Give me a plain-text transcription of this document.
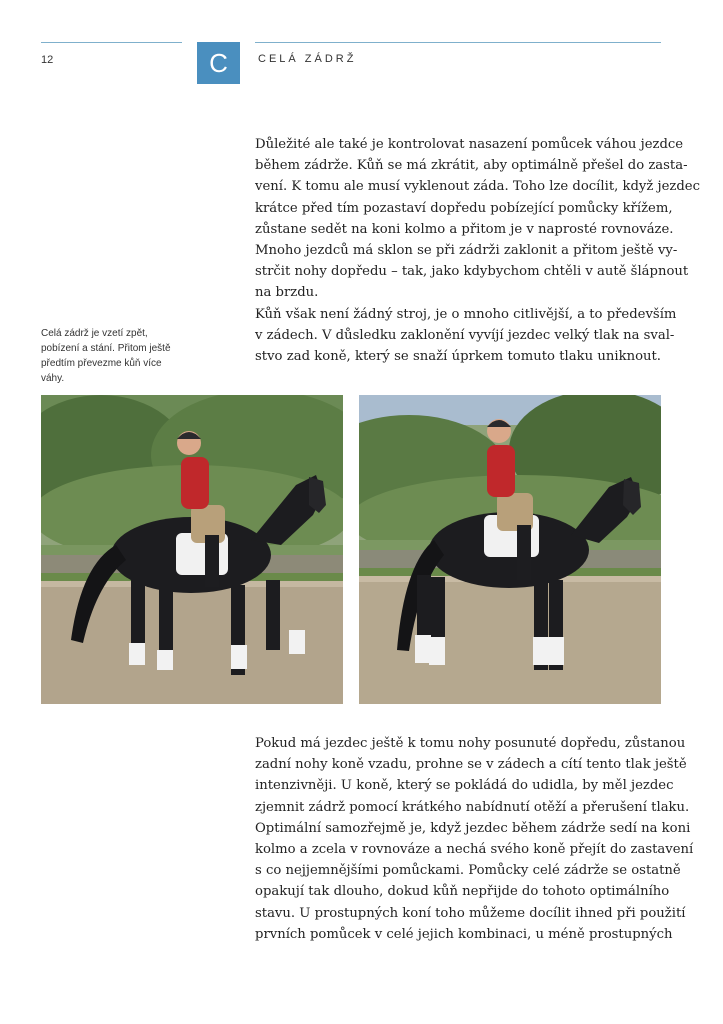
12	C	CELÁ ZÁDRŽ
Důležité ale také je kontrolovat nasazení pomůcek váhou jezdce
během zádrže. Kůň se má zkrátit, aby optimálně přešel do zasta-
vení. K tomu ale musí vyklenout záda. Toho lze docílit, když jezdec
krátce před tím pozastaví dopředu pobízející pomůcky křížem,
zůstane sedět na koni kolmo a přitom je v naprosté rovnováze.
Mnoho jezdců má sklon se při zádrži zaklonit a přitom ještě vy-
strčit nohy dopředu – tak, jako kdybychom chtěli v autě šlápnout
na brzdu.
Kůň však není žádný stroj, je o mnoho citlivější, a to především
v zádech. V důsledku zaklonění vyvíjí jezdec velký tlak na sval-
stvo zad koně, který se snaží úprkem tomuto tlaku uniknout.
Celá zádrž je vzetí zpět,
pobízení a stání. Přitom ještě
předtím převezme kůň více
váhy.
Pokud má jezdec ještě k tomu nohy posunuté dopředu, zůstanou
zadní nohy koně vzadu, prohne se v zádech a cítí tento tlak ještě
intenzivněji. U koně, který se pokládá do udidla, by měl jezdec
zjemnit zádrž pomocí krátkého nabídnutí otěží a přerušení tlaku.
Optimální samozřejmě je, když jezdec během zádrže sedí na koni
kolmo a zcela v rovnováze a nechá svého koně přejít do zastavení
s co nejjemnějšími pomůckami. Pomůcky celé zádrže se ostatně
opakují tak dlouho, dokud kůň nepřijde do tohoto optimálního
stavu. U prostupných koní toho můžeme docílit ihned při použití
prvních pomůcek v celé jejich kombinaci, u méně prostupných
